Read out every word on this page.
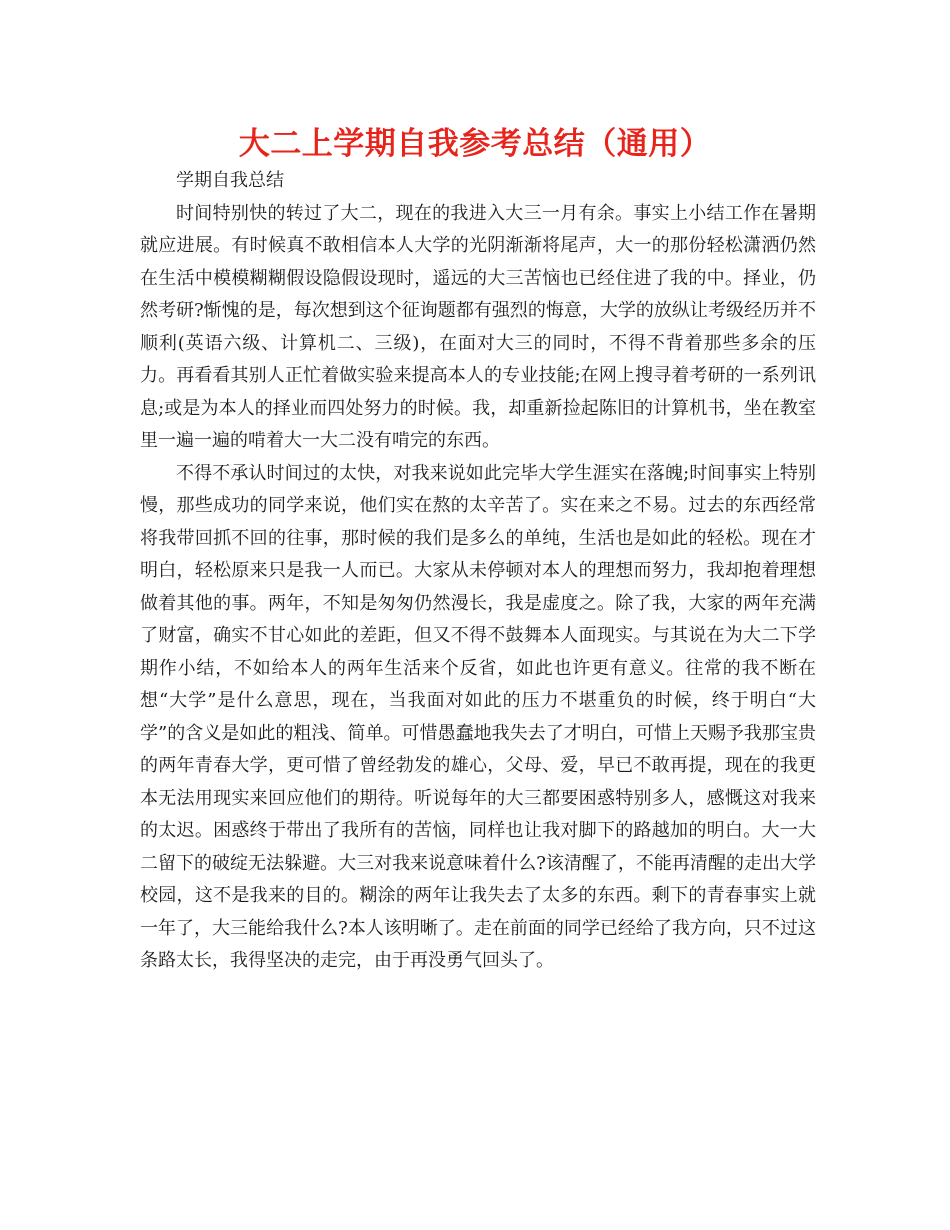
大二上学期自我参考总结（通用）

学期自我总结

时间特别快的转过了大二，现在的我进入大三一月有余。事实上小结工作在暑期就应进展。有时候真不敢相信本人大学的光阴渐渐将尾声，大一的那份轻松潇洒仍然在生活中模模糊糊假设隐假设现时，遥远的大三苦恼也已经住进了我的中。择业，仍然考研?惭愧的是，每次想到这个征询题都有强烈的悔意，大学的放纵让考级经历并不顺利(英语六级、计算机二、三级)，在面对大三的同时，不得不背着那些多余的压力。再看看其别人正忙着做实验来提高本人的专业技能;在网上搜寻着考研的一系列讯息;或是为本人的择业而四处努力的时候。我，却重新捡起陈旧的计算机书，坐在教室里一遍一遍的啃着大一大二没有啃完的东西。

不得不承认时间过的太快，对我来说如此完毕大学生涯实在落魄;时间事实上特别慢，那些成功的同学来说，他们实在熬的太辛苦了。实在来之不易。过去的东西经常将我带回抓不回的往事，那时候的我们是多么的单纯，生活也是如此的轻松。现在才明白，轻松原来只是我一人而已。大家从未停顿对本人的理想而努力，我却抱着理想做着其他的事。两年，不知是匆匆仍然漫长，我是虚度之。除了我，大家的两年充满了财富，确实不甘心如此的差距，但又不得不鼓舞本人面现实。与其说在为大二下学期作小结，不如给本人的两年生活来个反省，如此也许更有意义。往常的我不断在想“大学”是什么意思，现在，当我面对如此的压力不堪重负的时候，终于明白“大学”的含义是如此的粗浅、简单。可惜愚蠢地我失去了才明白，可惜上天赐予我那宝贵的两年青春大学，更可惜了曾经勃发的雄心，父母、爱，早已不敢再提，现在的我更本无法用现实来回应他们的期待。听说每年的大三都要困惑特别多人，感慨这对我来的太迟。困惑终于带出了我所有的苦恼，同样也让我对脚下的路越加的明白。大一大二留下的破绽无法躲避。大三对我来说意味着什么?该清醒了，不能再清醒的走出大学校园，这不是我来的目的。糊涂的两年让我失去了太多的东西。剩下的青春事实上就一年了，大三能给我什么?本人该明晰了。走在前面的同学已经给了我方向，只不过这条路太长，我得坚决的走完，由于再没勇气回头了。
